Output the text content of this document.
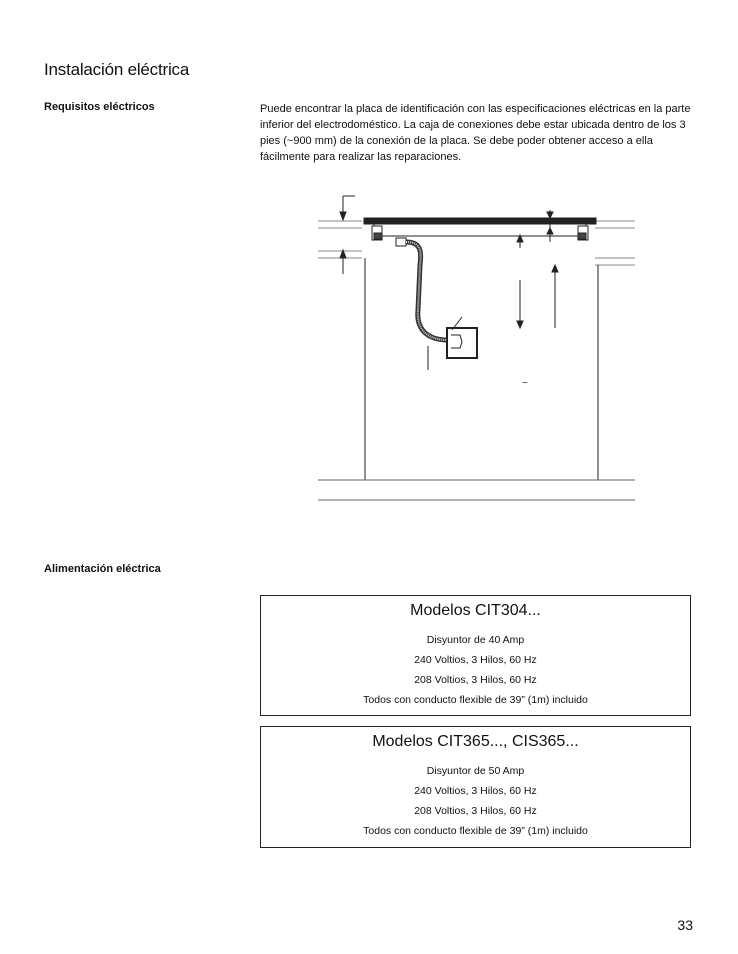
Instalación eléctrica
Requisitos eléctricos	Puede encontrar la placa de identificación con las especificaciones eléctricas en la parte inferior del electrodoméstico. La caja de conexiones debe estar ubicada dentro de los 3 pies (~900 mm) de la conexión de la placa. Se debe poder obtener acceso a ella fácilmente para realizar las reparaciones.
~
Alimentación eléctrica
Modelos CIT304...
Disyuntor de 40 Amp
240 Voltios, 3 Hilos, 60 Hz
208 Voltios, 3 Hilos, 60 Hz
Todos con conducto flexible de 39” (1m) incluido
Modelos CIT365..., CIS365...
Disyuntor de 50 Amp
240 Voltios, 3 Hilos, 60 Hz
208 Voltios, 3 Hilos, 60 Hz
Todos con conducto flexible de 39” (1m) incluido
33
